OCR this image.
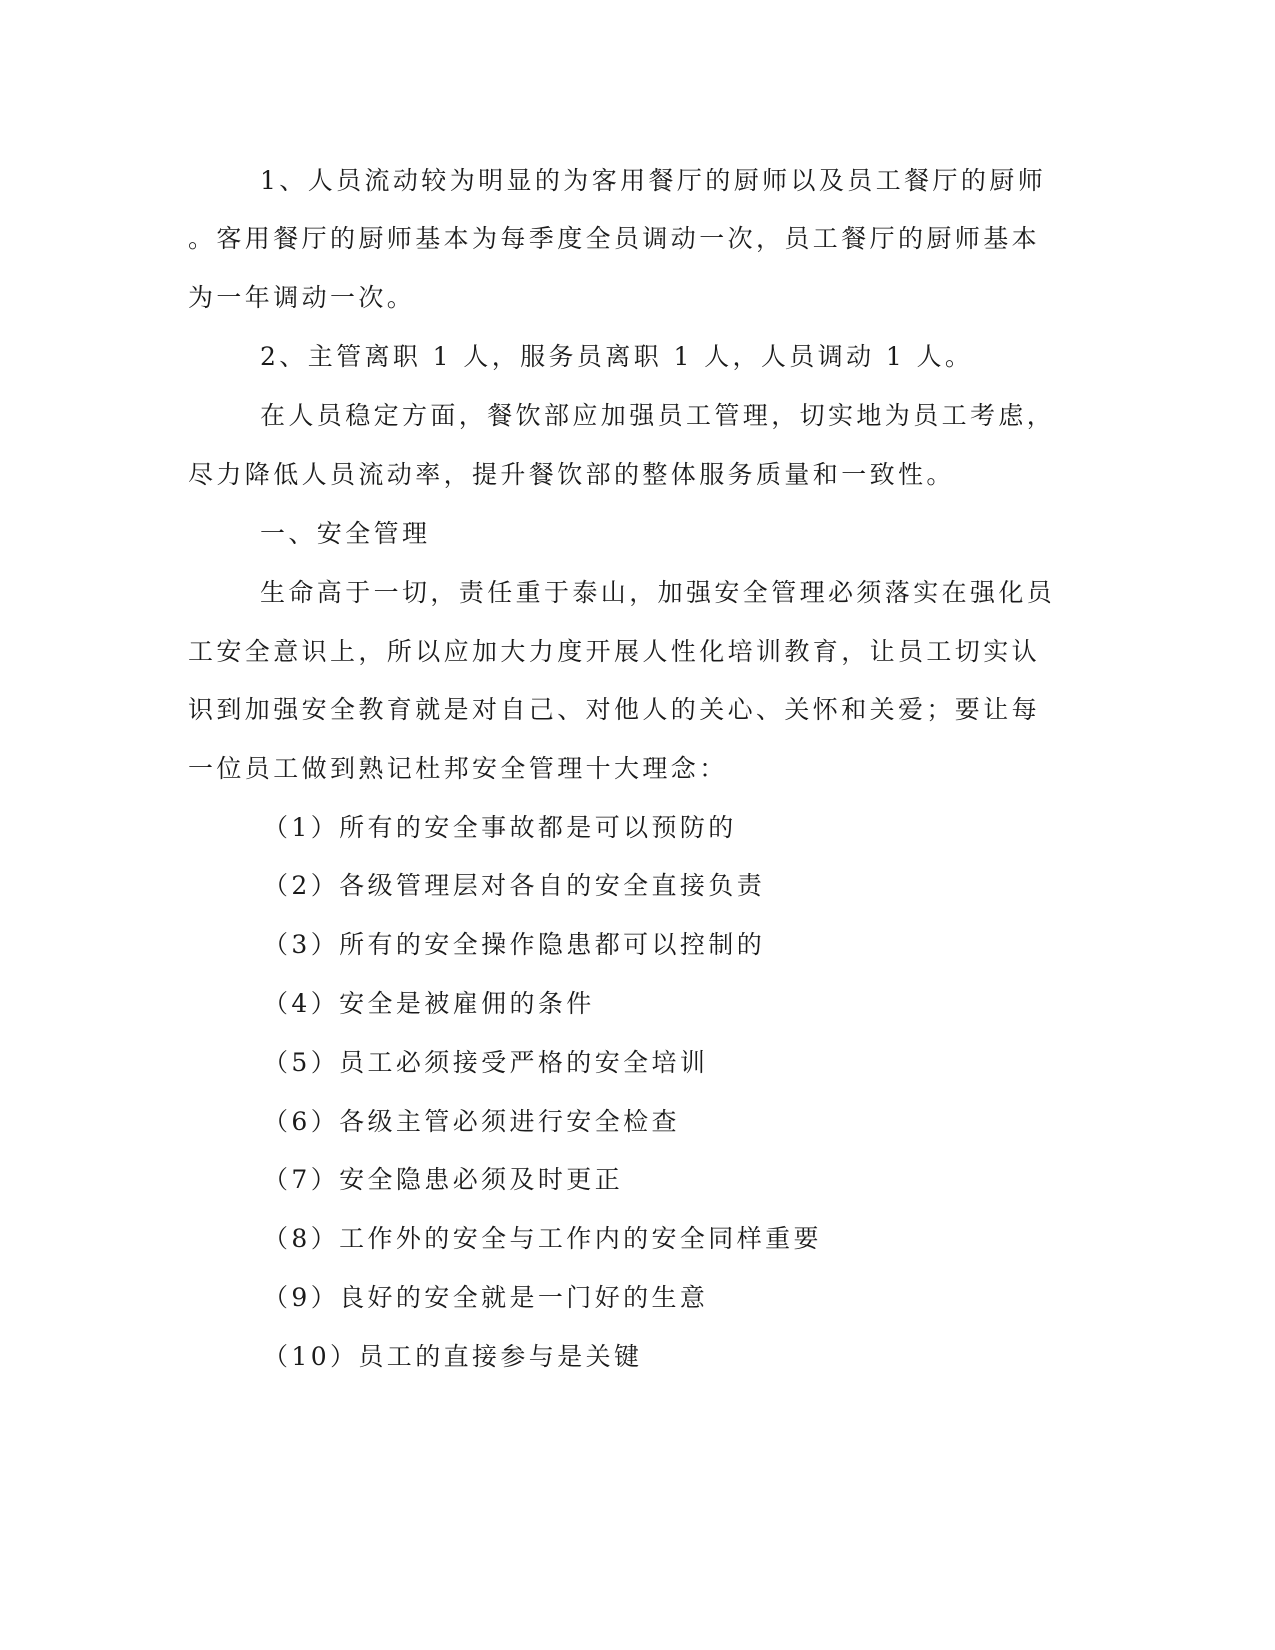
1、人员流动较为明显的为客用餐厅的厨师以及员工餐厅的厨师

。客用餐厅的厨师基本为每季度全员调动一次，员工餐厅的厨师基本

为一年调动一次。

2、主管离职 1 人，服务员离职 1 人，人员调动 1 人。

在人员稳定方面，餐饮部应加强员工管理，切实地为员工考虑，

尽力降低人员流动率，提升餐饮部的整体服务质量和一致性。

一、安全管理

生命高于一切，责任重于泰山，加强安全管理必须落实在强化员

工安全意识上，所以应加大力度开展人性化培训教育，让员工切实认

识到加强安全教育就是对自己、对他人的关心、关怀和关爱；要让每

一位员工做到熟记杜邦安全管理十大理念：

（1）所有的安全事故都是可以预防的

（2）各级管理层对各自的安全直接负责

（3）所有的安全操作隐患都可以控制的

（4）安全是被雇佣的条件

（5）员工必须接受严格的安全培训

（6）各级主管必须进行安全检查

（7）安全隐患必须及时更正

（8）工作外的安全与工作内的安全同样重要

（9）良好的安全就是一门好的生意

（10）员工的直接参与是关键
